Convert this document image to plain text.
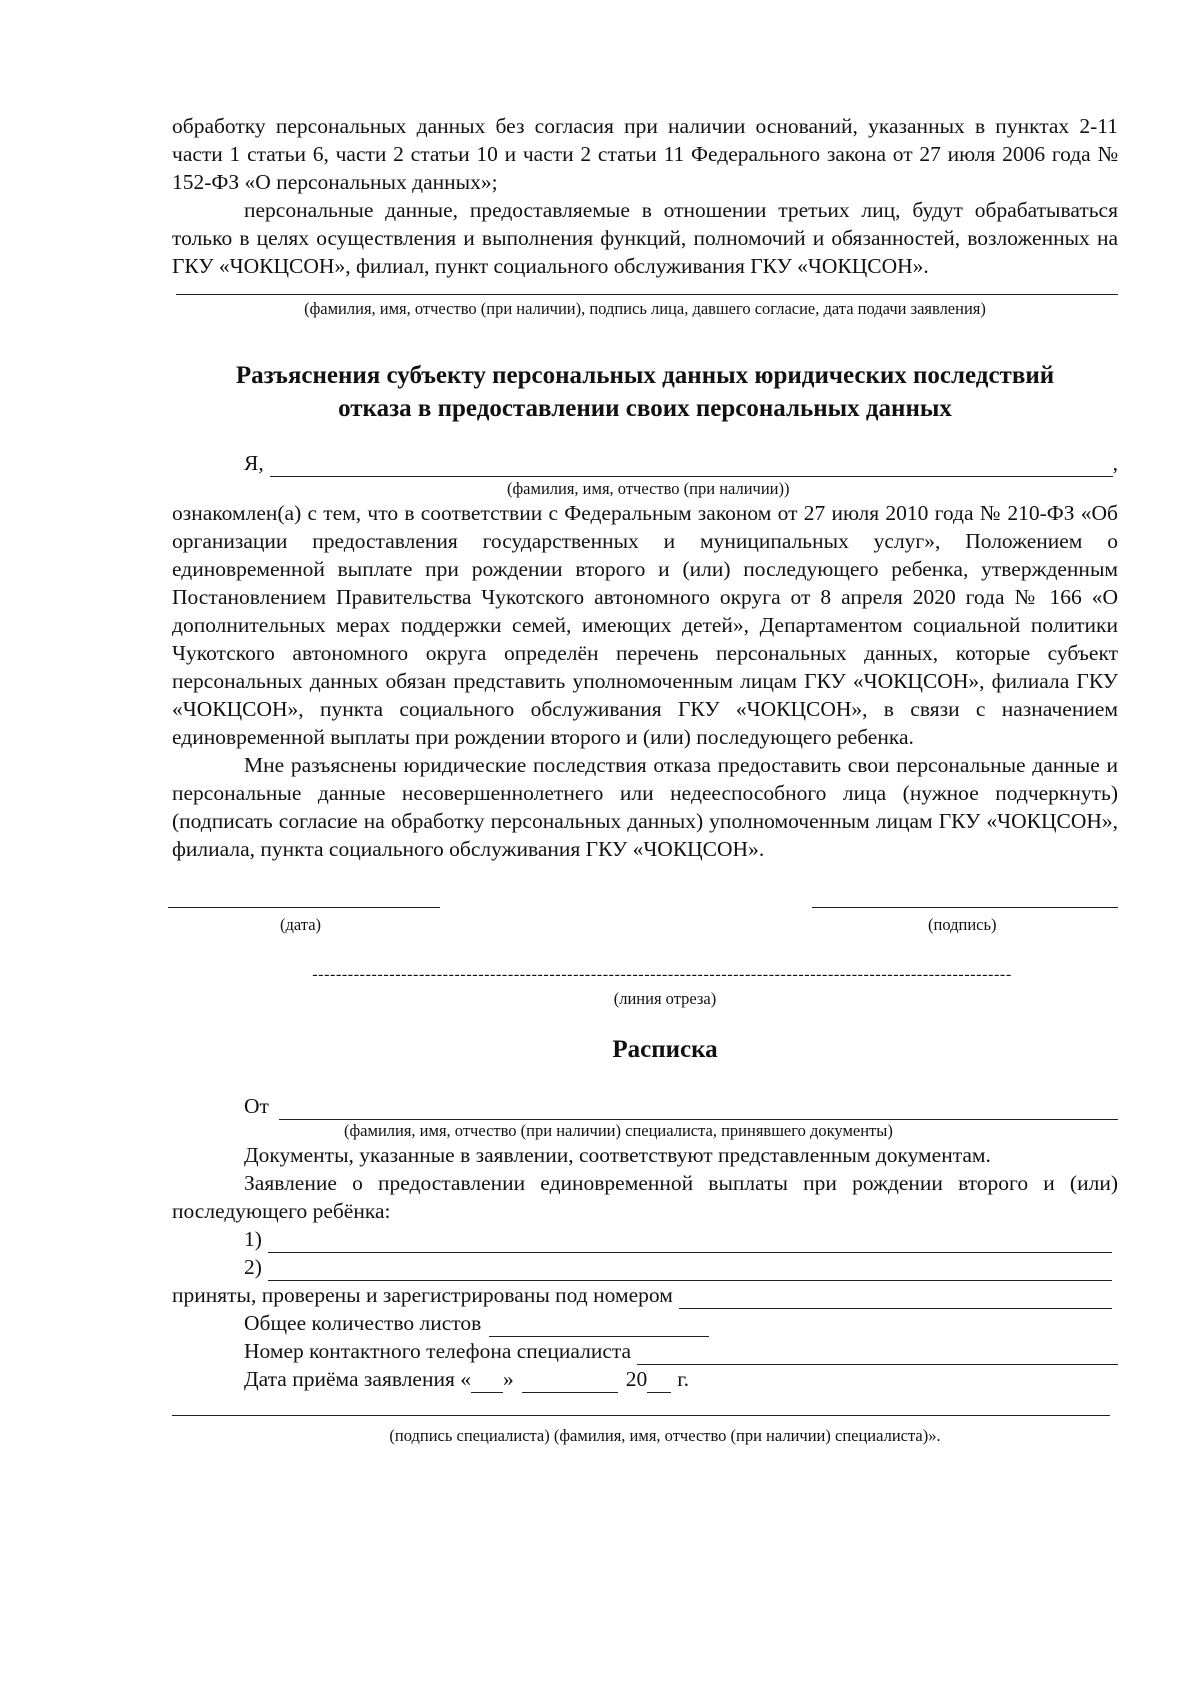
обработку персональных данных без согласия при наличии оснований, указанных в пунктах 2-11 части 1 статьи 6, части 2 статьи 10 и части 2 статьи 11 Федерального закона от 27 июля 2006 года № 152-ФЗ «О персональных данных»;

персональные данные, предоставляемые в отношении третьих лиц, будут обрабатываться только в целях осуществления и выполнения функций, полномочий и обязанностей, возложенных на ГКУ «ЧОКЦСОН», филиал, пункт социального обслуживания ГКУ «ЧОКЦСОН».

(фамилия, имя, отчество (при наличии), подпись лица, давшего согласие, дата подачи заявления)

Разъяснения субъекту персональных данных юридических последствий

отказа в предоставлении своих персональных данных

Я,	,

(фамилия, имя, отчество (при наличии))

ознакомлен(а) с тем, что в соответствии с Федеральным законом от 27 июля 2010 года № 210-ФЗ «Об организации предоставления государственных и муниципальных услуг», Положением о единовременной выплате при рождении второго и (или) последующего ребенка, утвержденным Постановлением Правительства Чукотского автономного округа от 8 апреля 2020 года № 166 «О дополнительных мерах поддержки семей, имеющих детей», Департаментом социальной политики Чукотского автономного округа определён перечень персональных данных, которые субъект персональных данных обязан представить уполномоченным лицам ГКУ «ЧОКЦСОН», филиала ГКУ «ЧОКЦСОН», пункта социального обслуживания ГКУ «ЧОКЦСОН», в связи с назначением единовременной выплаты при рождении второго и (или) последующего ребенка.

Мне разъяснены юридические последствия отказа предоставить свои персональные данные и персональные данные несовершеннолетнего или недееспособного лица (нужное подчеркнуть) (подписать согласие на обработку персональных данных) уполномоченным лицам ГКУ «ЧОКЦСОН», филиала, пункта социального обслуживания ГКУ «ЧОКЦСОН».

(дата)	(подпись)

----------------------------------------------------------------------------------------------------------------------

(линия отреза)

Расписка

От

(фамилия, имя, отчество (при наличии) специалиста, принявшего документы)

Документы, указанные в заявлении, соответствуют представленным документам.

Заявление о предоставлении единовременной выплаты при рождении второго и (или) последующего ребёнка:

1)

2)

приняты, проверены и зарегистрированы под номером

Общее количество листов

Номер контактного телефона специалиста

Дата приёма заявления « »	20 г.

(подпись специалиста) (фамилия, имя, отчество (при наличии) специалиста)».
